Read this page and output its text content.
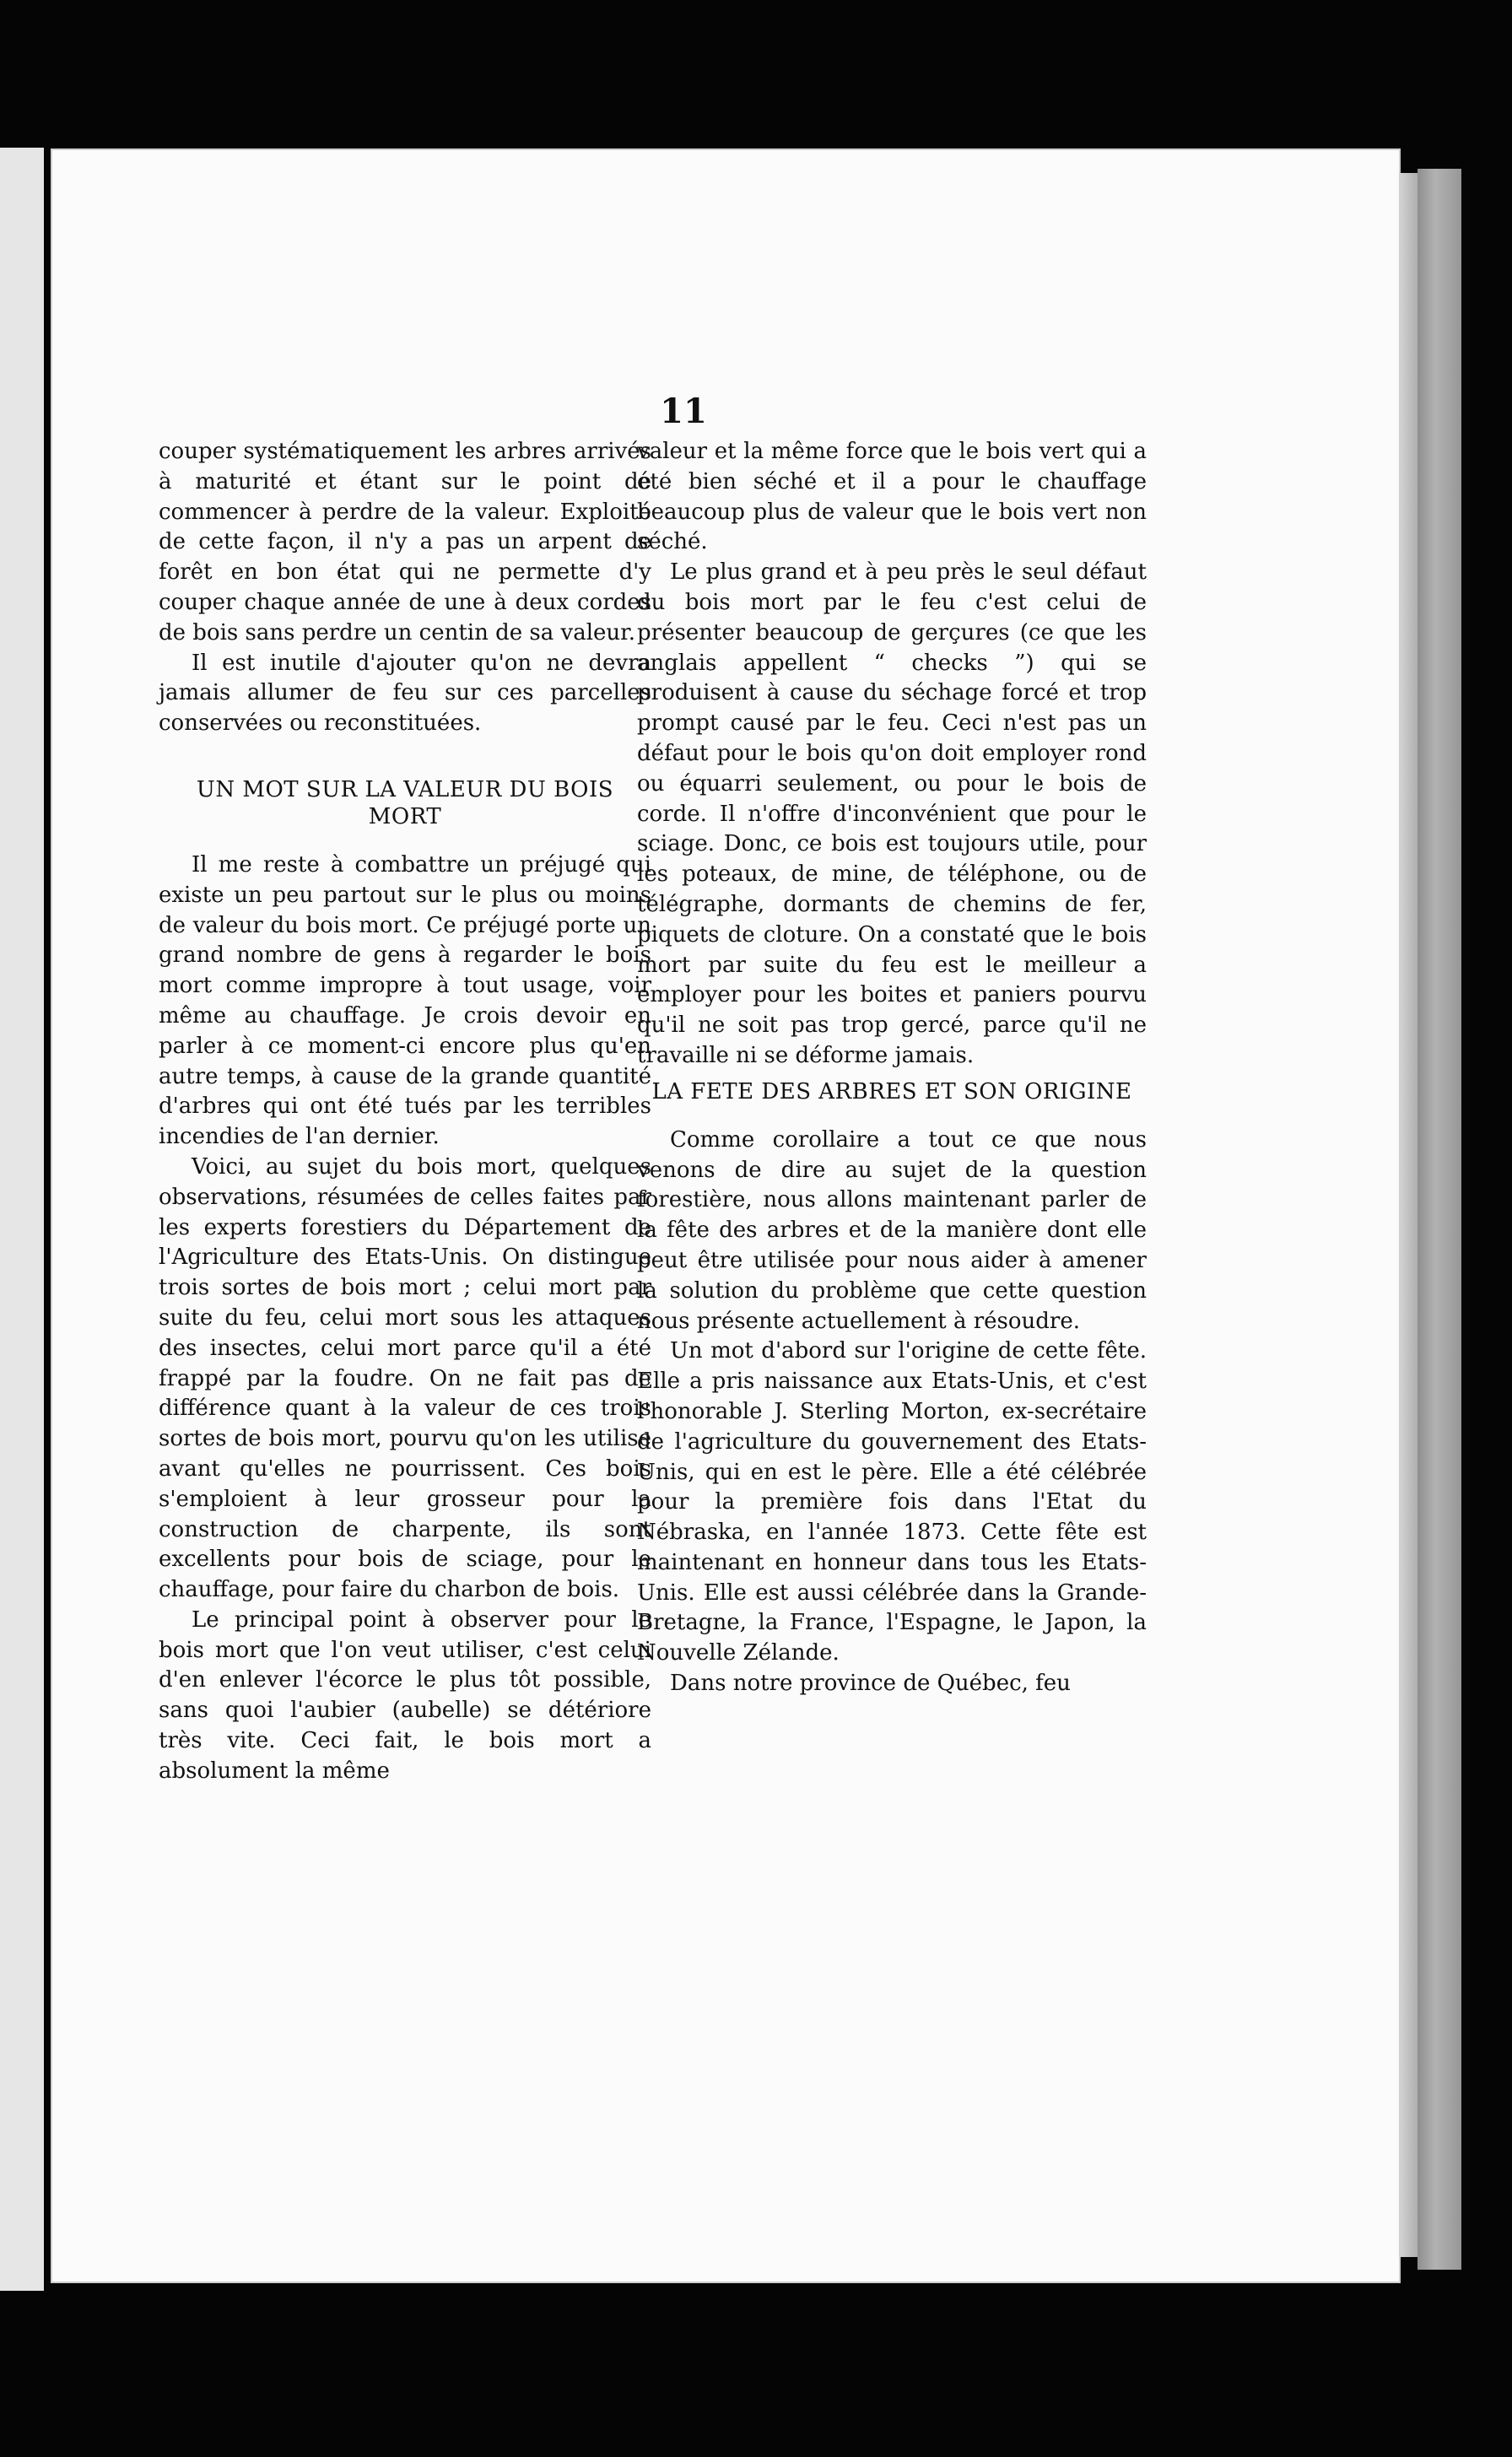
11

couper systématiquement les arbres arrivés à maturité et étant sur le point de commencer à perdre de la valeur. Exploité de cette façon, il n'y a pas un arpent de forêt en bon état qui ne permette d'y couper chaque année de une à deux cordes de bois sans perdre un centin de sa valeur.

Il est inutile d'ajouter qu'on ne devra jamais allumer de feu sur ces parcelles conservées ou reconstituées.

UN MOT SUR LA VALEUR DU BOIS MORT

Il me reste à combattre un préjugé qui existe un peu partout sur le plus ou moins de valeur du bois mort. Ce préjugé porte un grand nombre de gens à regarder le bois mort comme impropre à tout usage, voir même au chauffage. Je crois devoir en parler à ce moment-ci encore plus qu'en autre temps, à cause de la grande quantité d'arbres qui ont été tués par les terribles incendies de l'an dernier.

Voici, au sujet du bois mort, quelques observations, résumées de celles faites par les experts forestiers du Département de l'Agriculture des Etats-Unis. On distingue trois sortes de bois mort ; celui mort par suite du feu, celui mort sous les attaques des insectes, celui mort parce qu'il a été frappé par la foudre. On ne fait pas de différence quant à la valeur de ces trois sortes de bois mort, pourvu qu'on les utilise avant qu'elles ne pourrissent. Ces bois s'emploient à leur grosseur pour la construction de charpente, ils sont excellents pour bois de sciage, pour le chauffage, pour faire du charbon de bois.

Le principal point à observer pour le bois mort que l'on veut utiliser, c'est celui d'en enlever l'écorce le plus tôt possible, sans quoi l'aubier (aubelle) se détériore très vite. Ceci fait, le bois mort a absolument la même

valeur et la même force que le bois vert qui a été bien séché et il a pour le chauffage beaucoup plus de valeur que le bois vert non séché.

Le plus grand et à peu près le seul défaut du bois mort par le feu c'est celui de présenter beaucoup de gerçures (ce que les anglais appellent “ checks ”) qui se produisent à cause du séchage forcé et trop prompt causé par le feu. Ceci n'est pas un défaut pour le bois qu'on doit employer rond ou équarri seulement, ou pour le bois de corde. Il n'offre d'inconvénient que pour le sciage. Donc, ce bois est toujours utile, pour les poteaux, de mine, de téléphone, ou de télégraphe, dormants de chemins de fer, piquets de cloture. On a constaté que le bois mort par suite du feu est le meilleur a employer pour les boites et paniers pourvu qu'il ne soit pas trop gercé, parce qu'il ne travaille ni se déforme jamais.

LA FETE DES ARBRES ET SON ORIGINE

Comme corollaire a tout ce que nous venons de dire au sujet de la question forestière, nous allons maintenant parler de la fête des arbres et de la manière dont elle peut être utilisée pour nous aider à amener la solution du problème que cette question nous présente actuellement à résoudre.

Un mot d'abord sur l'origine de cette fête. Elle a pris naissance aux Etats-Unis, et c'est l'honorable J. Sterling Morton, ex-secrétaire de l'agriculture du gouvernement des Etats-Unis, qui en est le père. Elle a été célébrée pour la première fois dans l'Etat du Nébraska, en l'année 1873. Cette fête est maintenant en honneur dans tous les Etats-Unis. Elle est aussi célébrée dans la Grande-Bretagne, la France, l'Espagne, le Japon, la Nouvelle Zélande.

Dans notre province de Québec, feu
